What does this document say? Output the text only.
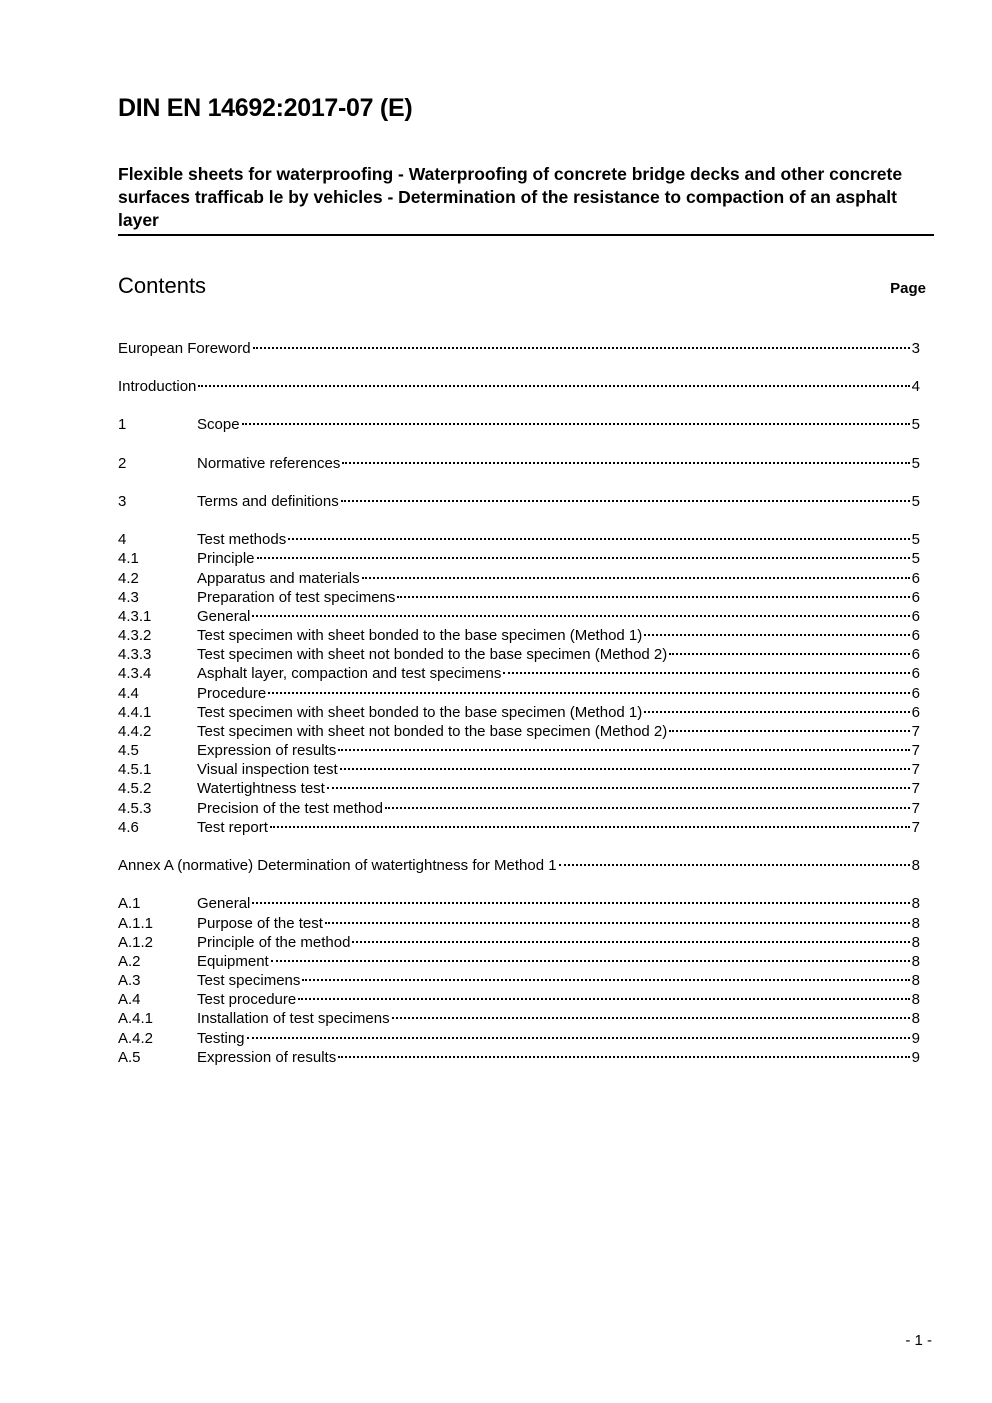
DIN EN 14692:2017-07 (E)
Flexible sheets for waterproofing - Waterproofing of concrete bridge decks and other concrete surfaces trafficab le by vehicles - Determination of the resistance to compaction of an asphalt layer
Contents	Page
European Foreword	3
Introduction	4
1	Scope	5
2	Normative references	5
3	Terms and definitions	5
4	Test methods	5
4.1	Principle	5
4.2	Apparatus and materials	6
4.3	Preparation of test specimens	6
4.3.1	General	6
4.3.2	Test specimen with sheet bonded to the base specimen (Method 1)	6
4.3.3	Test specimen with sheet not bonded to the base specimen (Method 2)	6
4.3.4	Asphalt layer, compaction and test specimens	6
4.4	Procedure	6
4.4.1	Test specimen with sheet bonded to the base specimen (Method 1)	6
4.4.2	Test specimen with sheet not bonded to the base specimen (Method 2)	7
4.5	Expression of results	7
4.5.1	Visual inspection test	7
4.5.2	Watertightness test	7
4.5.3	Precision of the test method	7
4.6	Test report	7
Annex A (normative) Determination of watertightness for Method 1	8
A.1	General	8
A.1.1	Purpose of the test	8
A.1.2	Principle of the method	8
A.2	Equipment	8
A.3	Test specimens	8
A.4	Test procedure	8
A.4.1	Installation of test specimens	8
A.4.2	Testing	9
A.5	Expression of results	9
- 1 -
